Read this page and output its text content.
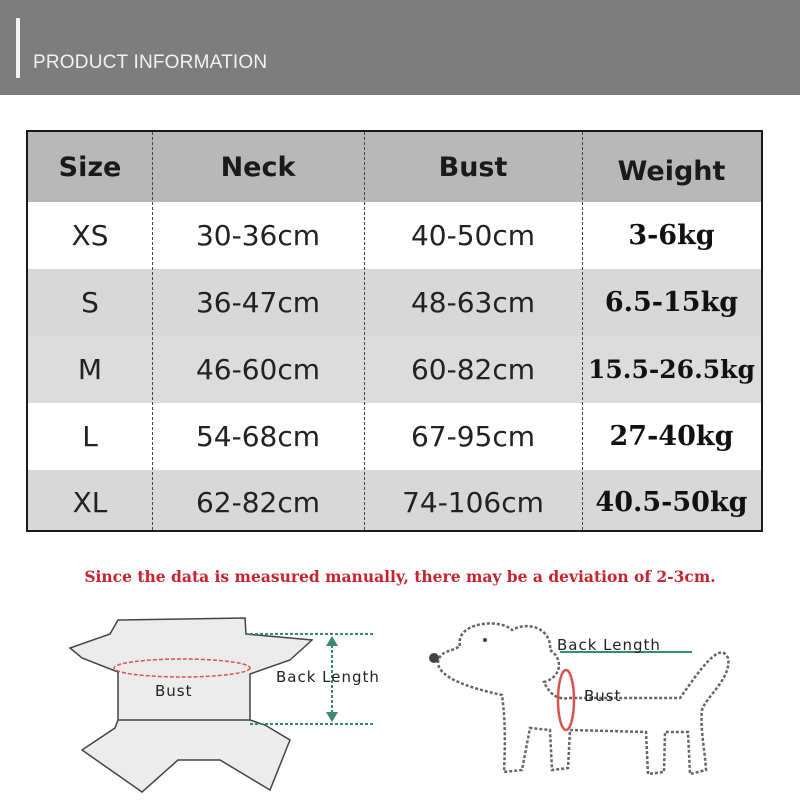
PRODUCT INFORMATION
Size	Neck	Bust	Weight
XS	30-36cm	40-50cm	3-6kg
S	36-47cm	48-63cm	6.5-15kg
M	46-60cm	60-82cm	15.5-26.5kg
L	54-68cm	67-95cm	27-40kg
XL	62-82cm	74-106cm	40.5-50kg
Since the data is measured manually, there may be a deviation of 2-3cm.
Bust
Back Length
Back Length
Bust
